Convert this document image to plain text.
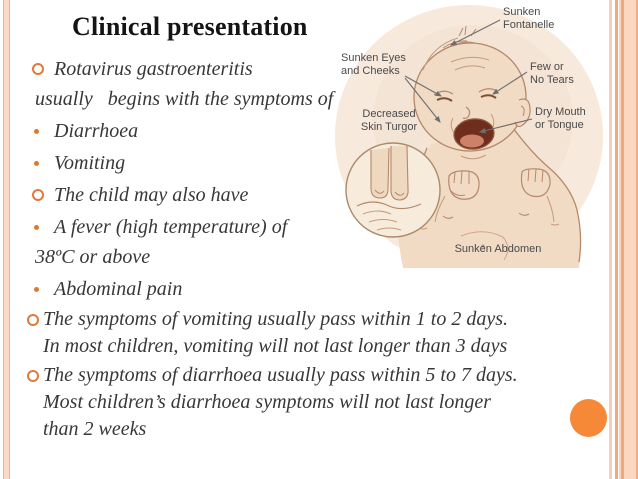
Clinical presentation	Sunken
Fontanelle
Sunken Eyes
and Cheeks	Few or
No Tears
Decreased
Skin Turgor
Dry Mouth
or Tongue
Sunken Abdomen
Rotavirus gastroenteritis
usually   begins with the symptoms of
Diarrhoea
Vomiting
The child may also have
A fever (high temperature) of
38ºC or above
Abdominal pain
The symptoms of vomiting usually pass within 1 to 2 days.
In most children, vomiting will not last longer than 3 days
The symptoms of diarrhoea usually pass within 5 to 7 days.
Most children’s diarrhoea symptoms will not last longer
than 2 weeks
